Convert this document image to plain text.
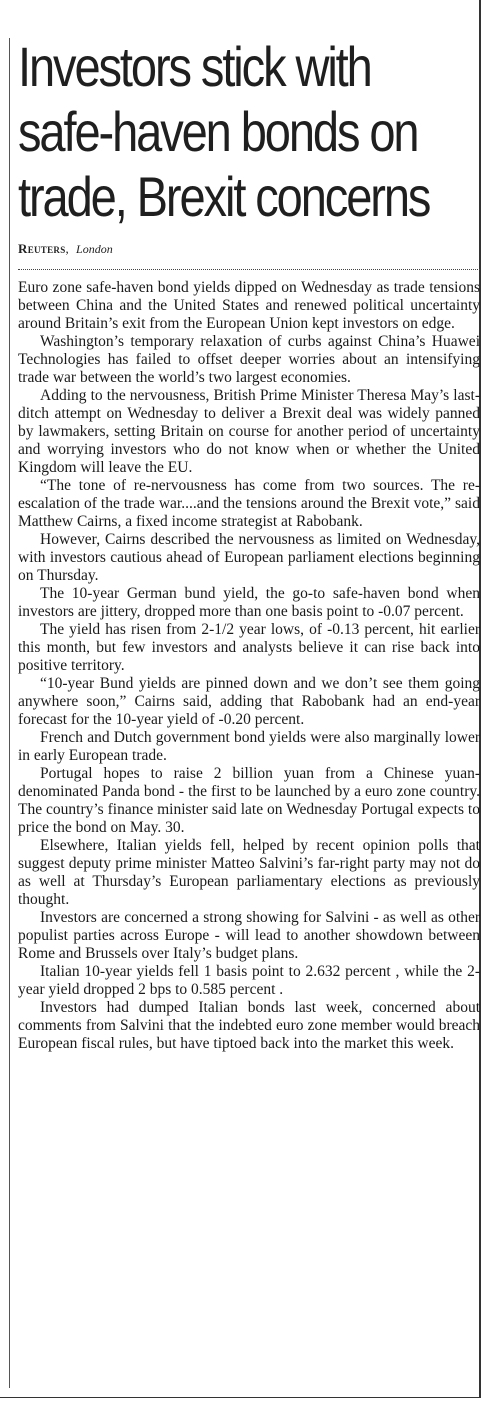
Investors stick with safe-haven bonds on trade, Brexit concerns
Reuters, London

Euro zone safe-haven bond yields dipped on Wednesday as trade tensions between China and the United States and renewed political uncertainty around Britain’s exit from the European Union kept investors on edge.

Washington’s temporary relaxation of curbs against China’s Huawei Technologies has failed to offset deeper worries about an intensifying trade war between the world’s two largest economies.

Adding to the nervousness, British Prime Minister Theresa May’s last-ditch attempt on Wednesday to deliver a Brexit deal was widely panned by lawmakers, setting Britain on course for another period of uncertainty and worrying investors who do not know when or whether the United Kingdom will leave the EU.

“The tone of re-nervousness has come from two sources. The re-escalation of the trade war....and the tensions around the Brexit vote,” said Matthew Cairns, a fixed income strategist at Rabobank.

However, Cairns described the nervousness as limited on Wednesday, with investors cautious ahead of European parliament elections beginning on Thursday.

The 10-year German bund yield, the go-to safe-haven bond when investors are jittery, dropped more than one basis point to -0.07 percent.

The yield has risen from 2-1/2 year lows, of -0.13 percent, hit earlier this month, but few investors and analysts believe it can rise back into positive territory.

“10-year Bund yields are pinned down and we don’t see them going anywhere soon,” Cairns said, adding that Rabobank had an end-year forecast for the 10-year yield of -0.20 percent.

French and Dutch government bond yields were also marginally lower in early European trade.

Portugal hopes to raise 2 billion yuan from a Chinese yuan-denominated Panda bond - the first to be launched by a euro zone country. The country’s finance minister said late on Wednesday Portugal expects to price the bond on May. 30.

Elsewhere, Italian yields fell, helped by recent opinion polls that suggest deputy prime minister Matteo Salvini’s far-right party may not do as well at Thursday’s European parliamentary elections as previously thought.

Investors are concerned a strong showing for Salvini - as well as other populist parties across Europe - will lead to another showdown between Rome and Brussels over Italy’s budget plans.

Italian 10-year yields fell 1 basis point to 2.632 percent , while the 2-year yield dropped 2 bps to 0.585 percent .

Investors had dumped Italian bonds last week, concerned about comments from Salvini that the indebted euro zone member would breach European fiscal rules, but have tiptoed back into the market this week.
